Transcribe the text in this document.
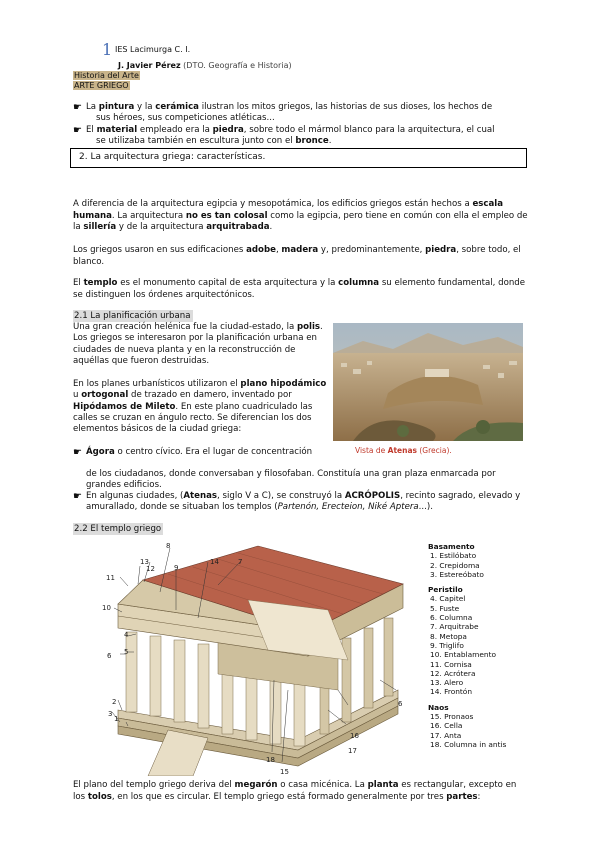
1 IES Lacimurga C. I.
J. Javier Pérez (DTO. Geografía e Historia)
Historia del Arte
ARTE GRIEGO
☛ La pintura y la cerámica ilustran los mitos griegos, las historias de sus dioses, los hechos de
sus héroes, sus competiciones atléticas...
☛ El material empleado era la piedra, sobre todo el mármol blanco para la arquitectura, el cual
se utilizaba también en escultura junto con el bronce.
2. La arquitectura griega: características.
A diferencia de la arquitectura egipcia y mesopotámica, los edificios griegos están hechos a escala humana. La arquitectura no es tan colosal como la egipcia, pero tiene en común con ella el empleo de la sillería y de la arquitectura arquitrabada.
Los griegos usaron en sus edificaciones adobe, madera y, predominantemente, piedra, sobre todo, el blanco.
El templo es el monumento capital de esta arquitectura y la columna su elemento fundamental, donde se distinguen los órdenes arquitectónicos.
2.1 La planificación urbana
Una gran creación helénica fue la ciudad-estado, la polis. Los griegos se interesaron por la planificación urbana en ciudades de nueva planta y en la reconstrucción de aquéllas que fueron destruidas.
En los planes urbanísticos utilizaron el plano hipodámico u ortogonal de trazado en damero, inventado por Hipódamos de Mileto. En este plano cuadriculado las calles se cruzan en ángulo recto. Se diferencian los dos elementos básicos de la ciudad griega:
Vista de Atenas (Grecia).
☛ Ágora o centro cívico. Era el lugar de concentración
de los ciudadanos, donde conversaban y filosofaban. Constituía una gran plaza enmarcada por grandes edificios.
☛ En algunas ciudades, (Atenas, siglo V a C), se construyó la ACRÓPOLIS, recinto sagrado, elevado y amurallado, donde se situaban los templos (Partenón, Erecteion, Niké Aptera...).
2.2 El templo griego
8
13
12	9
7
14
11
10
4
5
6
2
3
1
6
16
17
18
15
Basamento
1. Estilóbato
2. Crepidoma
3. Estereóbato
Peristilo
4. Capitel
5. Fuste
6. Columna
7. Arquitrabe
8. Metopa
9. Triglifo
10. Entablamento
11. Cornisa
12. Acrótera
13. Alero
14. Frontón
Naos
15. Pronaos
16. Cella
17. Anta
18. Columna in antis
El plano del templo griego deriva del megarón o casa micénica. La planta es rectangular, excepto en los tolos, en los que es circular. El templo griego está formado generalmente por tres partes:
